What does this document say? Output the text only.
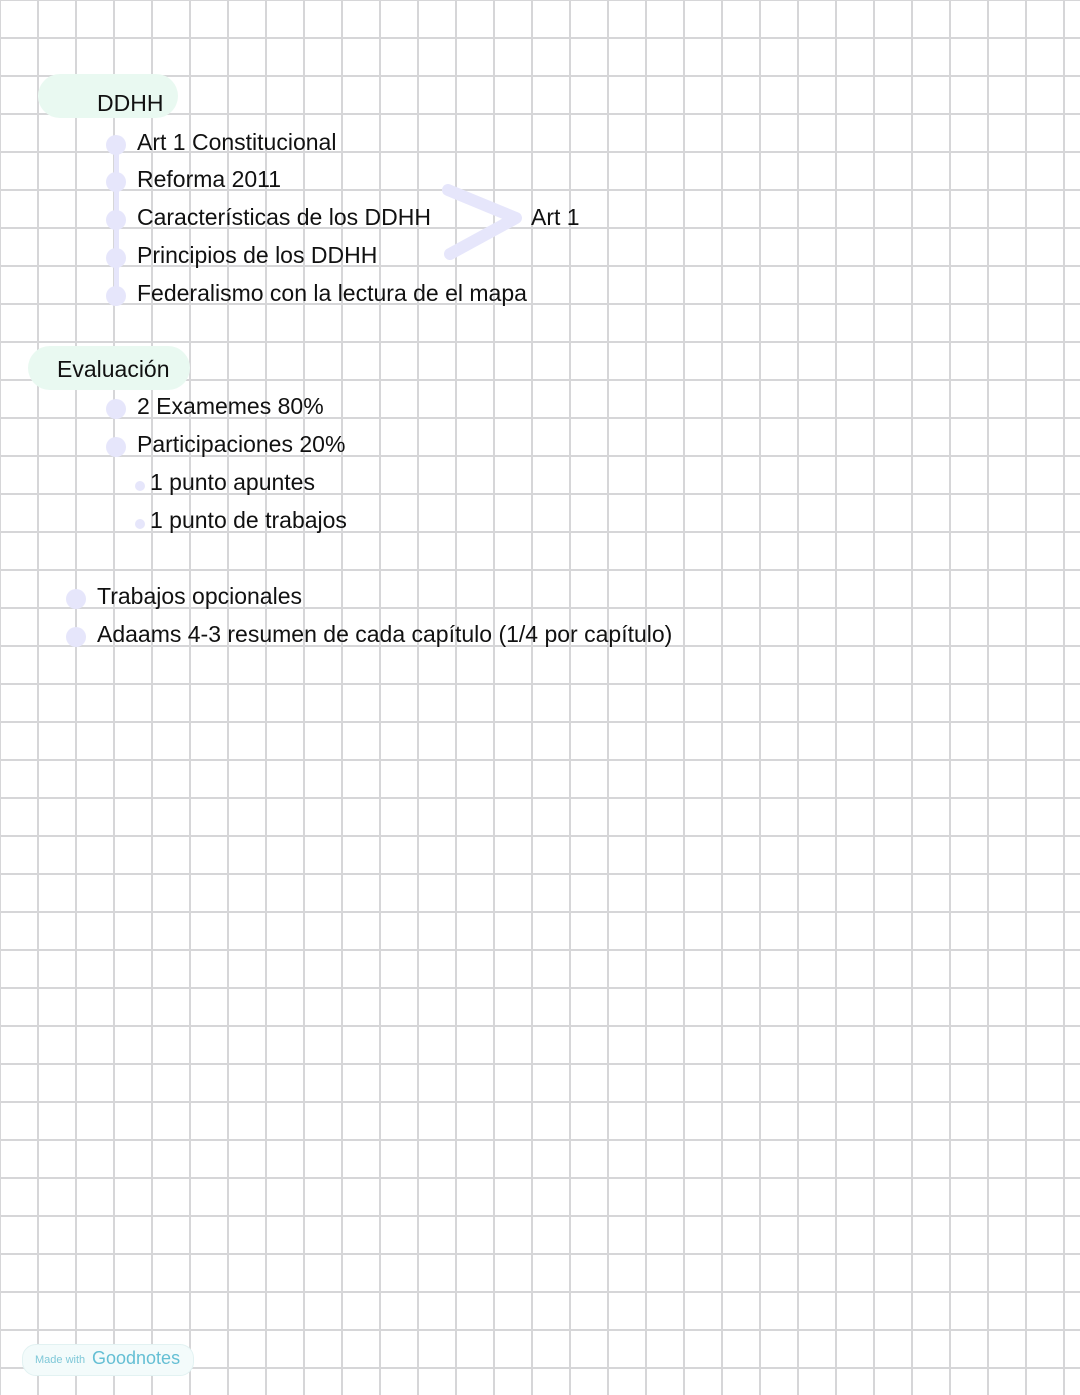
DDHH
Art 1 Constitucional
Reforma 2011
Características de los DDHH	Art 1
Principios de los DDHH
Federalismo con la lectura de el mapa
Evaluación
2 Examemes 80%
Participaciones 20%
1 punto apuntes
1 punto de trabajos
Trabajos opcionales
Adaams 4-3 resumen de cada capítulo (1/4 por capítulo)
Made with Goodnotes
